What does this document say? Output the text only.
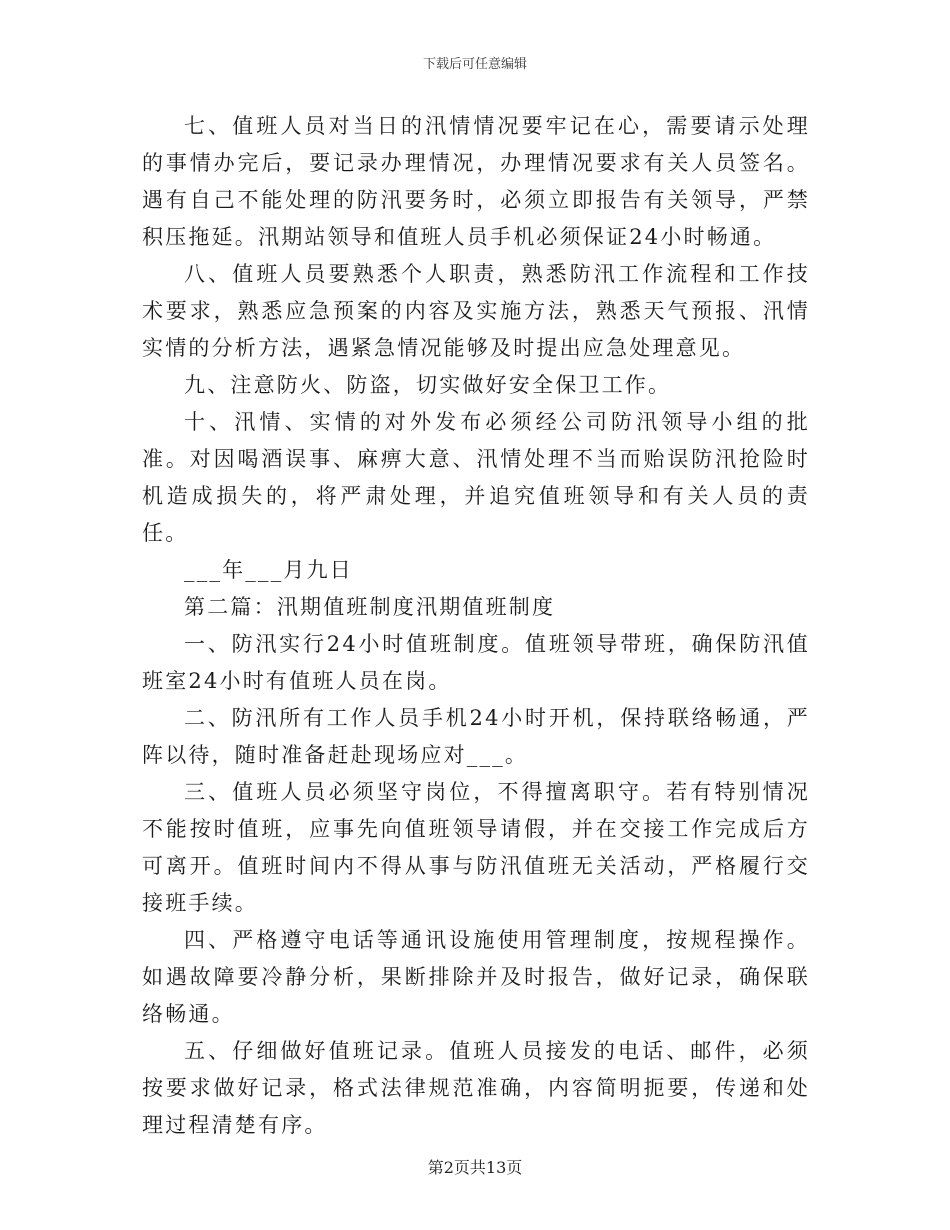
下载后可任意编辑

七、值班人员对当日的汛情情况要牢记在心，需要请示处理的事情办完后，要记录办理情况，办理情况要求有关人员签名。遇有自己不能处理的防汛要务时，必须立即报告有关领导，严禁积压拖延。汛期站领导和值班人员手机必须保证24小时畅通。

八、值班人员要熟悉个人职责，熟悉防汛工作流程和工作技术要求，熟悉应急预案的内容及实施方法，熟悉天气预报、汛情实情的分析方法，遇紧急情况能够及时提出应急处理意见。

九、注意防火、防盗，切实做好安全保卫工作。

十、汛情、实情的对外发布必须经公司防汛领导小组的批准。对因喝酒误事、麻痹大意、汛情处理不当而贻误防汛抢险时机造成损失的，将严肃处理，并追究值班领导和有关人员的责任。

___年___月九日

第二篇：汛期值班制度汛期值班制度

一、防汛实行24小时值班制度。值班领导带班，确保防汛值班室24小时有值班人员在岗。

二、防汛所有工作人员手机24小时开机，保持联络畅通，严阵以待，随时准备赶赴现场应对___。

三、值班人员必须坚守岗位，不得擅离职守。若有特别情况不能按时值班，应事先向值班领导请假，并在交接工作完成后方可离开。值班时间内不得从事与防汛值班无关活动，严格履行交接班手续。

四、严格遵守电话等通讯设施使用管理制度，按规程操作。如遇故障要冷静分析，果断排除并及时报告，做好记录，确保联络畅通。

五、仔细做好值班记录。值班人员接发的电话、邮件，必须按要求做好记录，格式法律规范准确，内容简明扼要，传递和处理过程清楚有序。

第2页共13页
